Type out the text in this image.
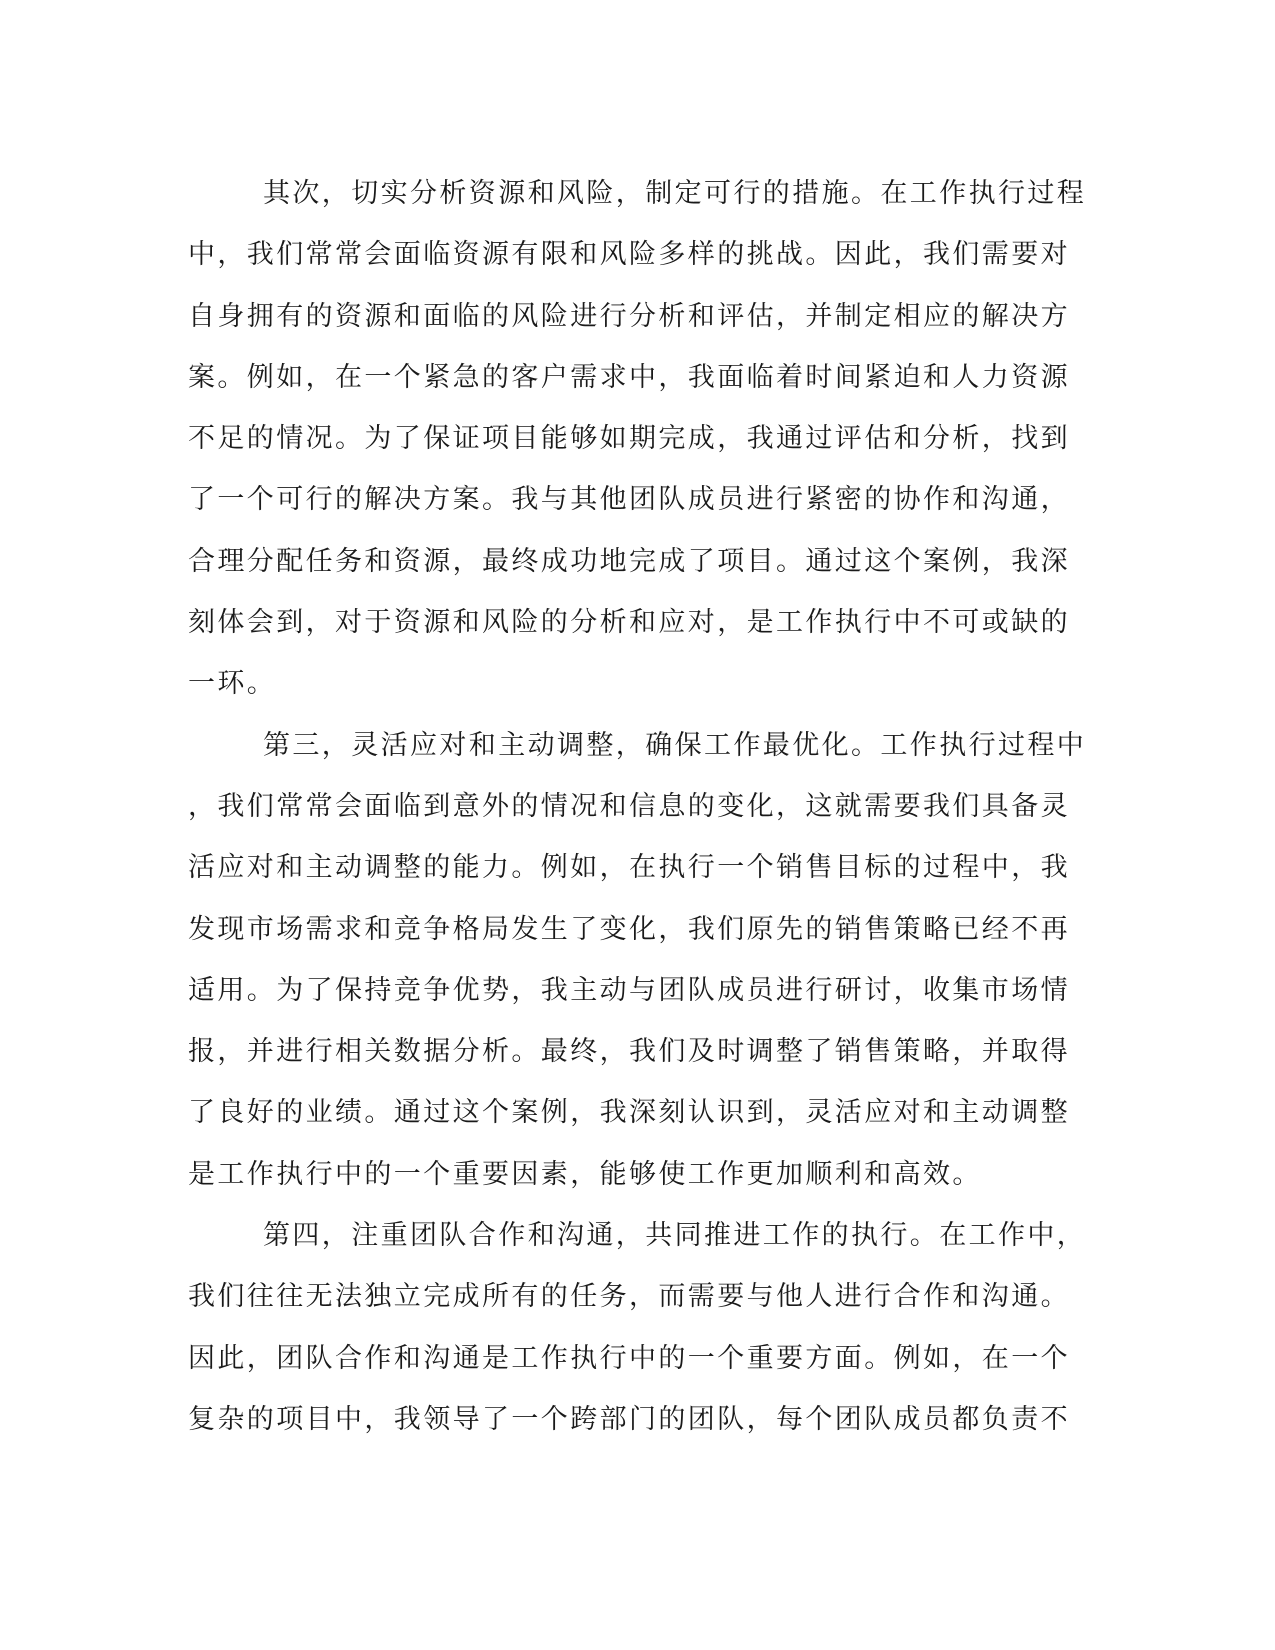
其次，切实分析资源和风险，制定可行的措施。在工作执行过程
中，我们常常会面临资源有限和风险多样的挑战。因此，我们需要对
自身拥有的资源和面临的风险进行分析和评估，并制定相应的解决方
案。例如，在一个紧急的客户需求中，我面临着时间紧迫和人力资源
不足的情况。为了保证项目能够如期完成，我通过评估和分析，找到
了一个可行的解决方案。我与其他团队成员进行紧密的协作和沟通，
合理分配任务和资源，最终成功地完成了项目。通过这个案例，我深
刻体会到，对于资源和风险的分析和应对，是工作执行中不可或缺的
一环。
第三，灵活应对和主动调整，确保工作最优化。工作执行过程中
，我们常常会面临到意外的情况和信息的变化，这就需要我们具备灵
活应对和主动调整的能力。例如，在执行一个销售目标的过程中，我
发现市场需求和竞争格局发生了变化，我们原先的销售策略已经不再
适用。为了保持竞争优势，我主动与团队成员进行研讨，收集市场情
报，并进行相关数据分析。最终，我们及时调整了销售策略，并取得
了良好的业绩。通过这个案例，我深刻认识到，灵活应对和主动调整
是工作执行中的一个重要因素，能够使工作更加顺利和高效。
第四，注重团队合作和沟通，共同推进工作的执行。在工作中，
我们往往无法独立完成所有的任务，而需要与他人进行合作和沟通。
因此，团队合作和沟通是工作执行中的一个重要方面。例如，在一个
复杂的项目中，我领导了一个跨部门的团队，每个团队成员都负责不
